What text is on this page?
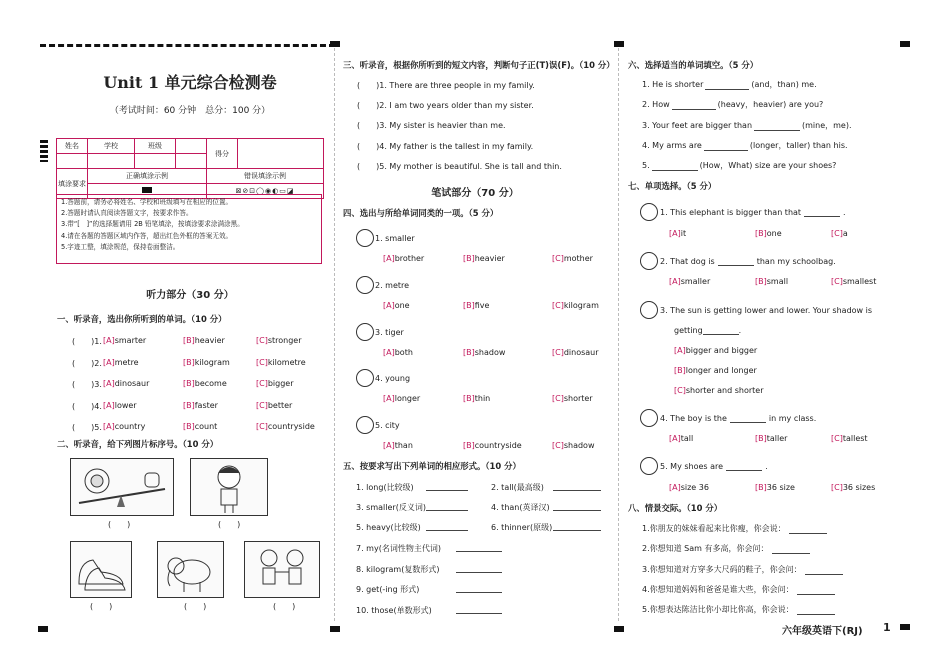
Unit 1 单元综合检测卷
（考试时间：60 分钟　总分：100 分）
姓名	学校	班级		得分	

填涂要求	正确填涂示例			错误填涂示例	
				⊠⊘⊡◯◉◐▭◪	
1.答题前，请务必将姓名、学校和班级填写在相应的位置。
2.答题时请认真阅读答题文字，按要求作答。
3.带“[　]”的选择题请用 2B 铅笔填涂，按填涂要求涂满涂黑。
4.请在各题的答题区域内作答，超出红色外框的答案无效。
5.字迹工整，填涂规范，保持卷面整洁。
听力部分（30 分）
一、听录音，选出你所听到的单词。（10 分）
(　　)1. [A]smarter	[B]heavier	[C]stronger
(　　)2. [A]metre	[B]kilogram	[C]kilometre
(　　)3. [A]dinosaur	[B]become	[C]bigger
(　　)4. [A]lower	[B]faster	[C]better
(　　)5. [A]country	[B]count	[C]countryside
二、听录音，给下列图片标序号。（10 分）
(　　)	(　　)
(　　)	(　　)	(　　)
三、听录音，根据你所听到的短文内容，判断句子正(T)误(F)。（10 分）
(　　)1. There are three people in my family.
(　　)2. I am two years older than my sister.
(　　)3. My sister is heavier than me.
(　　)4. My father is the tallest in my family.
(　　)5. My mother is beautiful. She is tall and thin.
笔试部分（70 分）
四、选出与所给单词同类的一项。（5 分）
1. smaller
[A]brother	[B]heavier	[C]mother
2. metre
[A]one	[B]five	[C]kilogram
3. tiger
[A]both	[B]shadow	[C]dinosaur
4. young
[A]longer	[B]thin	[C]shorter
5. city
[A]than	[B]countryside	[C]shadow
五、按要求写出下列单词的相应形式。（10 分）
1. long(比较级)	2. tall(最高级)
3. smaller(反义词)	4. than(英译汉)
5. heavy(比较级)	6. thinner(原级)
7. my(名词性物主代词)
8. kilogram(复数形式)
9. get(-ing 形式)
10. those(单数形式)
六、选择适当的单词填空。（5 分）
1. He is shorter	(and，than) me.
2. How	(heavy，heavier) are you?
3. Your feet are bigger than	(mine，me).
4. My arms are	(longer，taller) than his.
5.	(How，What) size are your shoes?
七、单项选择。（5 分）
1. This elephant is bigger than that	.
[A]it	[B]one	[C]a
2. That dog is	than my schoolbag.
[A]smaller	[B]small	[C]smallest
3. The sun is getting lower and lower. Your shadow is
getting	.
[A]bigger and bigger
[B]longer and longer
[C]shorter and shorter
4. The boy is the	in my class.
[A]tall	[B]taller	[C]tallest
5. My shoes are	.
[A]size 36	[B]36 size	[C]36 sizes
八、情景交际。（10 分）
1.你朋友的妹妹看起来比你瘦，你会说：
2.你想知道 Sam 有多高，你会问：
3.你想知道对方穿多大尺码的鞋子，你会问：
4.你想知道妈妈和爸爸是谁大些，你会问：
5.你想表达陈洁比你小却比你高，你会说：
六年级英语下(RJ) 1
